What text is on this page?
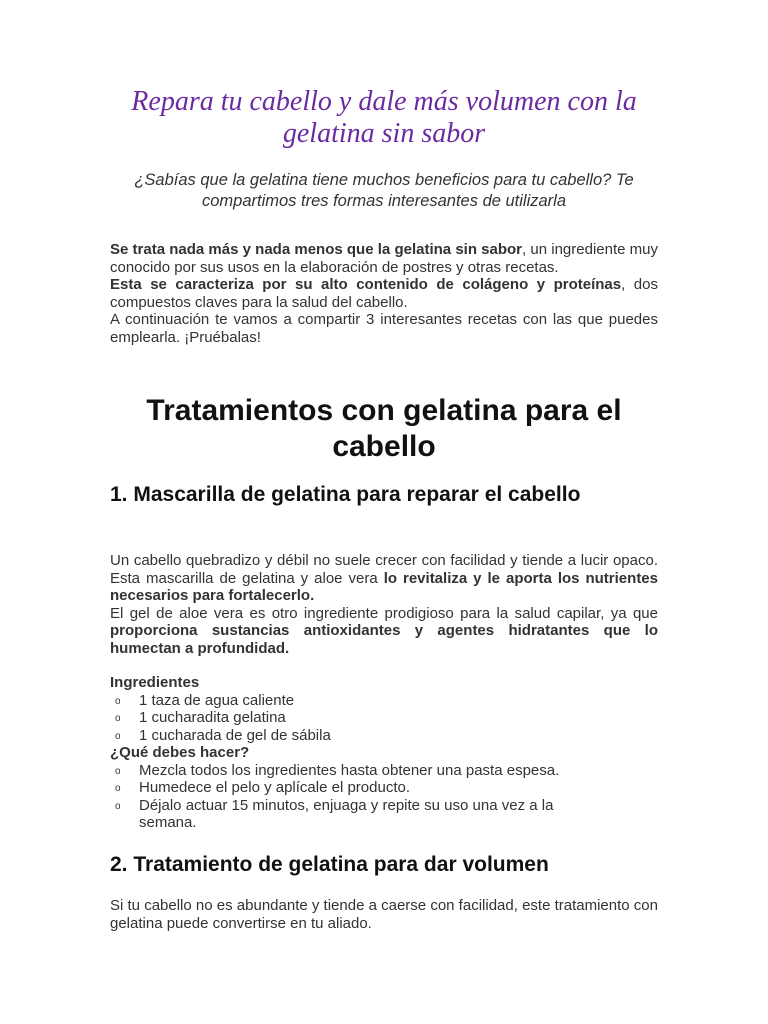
Repara tu cabello y dale más volumen con la gelatina sin sabor

¿Sabías que la gelatina tiene muchos beneficios para tu cabello? Te compartimos tres formas interesantes de utilizarla

Se trata nada más y nada menos que la gelatina sin sabor, un ingrediente muy conocido por sus usos en la elaboración de postres y otras recetas.

Esta se caracteriza por su alto contenido de colágeno y proteínas, dos compuestos claves para la salud del cabello.

A continuación te vamos a compartir 3 interesantes recetas con las que puedes emplearla. ¡Pruébalas!

Tratamientos con gelatina para el cabello
1. Mascarilla de gelatina para reparar el cabello

Un cabello quebradizo y débil no suele crecer con facilidad y tiende a lucir opaco. Esta mascarilla de gelatina y aloe vera lo revitaliza y le aporta los nutrientes necesarios para fortalecerlo.

El gel de aloe vera es otro ingrediente prodigioso para la salud capilar, ya que proporciona sustancias antioxidantes y agentes hidratantes que lo humectan a profundidad.

Ingredientes

o 1 taza de agua caliente
o 1 cucharadita gelatina
o 1 cucharada de gel de sábila

¿Qué debes hacer?

o Mezcla todos los ingredientes hasta obtener una pasta espesa.
o Humedece el pelo y aplícale el producto.
o Déjalo actuar 15 minutos, enjuaga y repite su uso una vez a la semana.
2. Tratamiento de gelatina para dar volumen

Si tu cabello no es abundante y tiende a caerse con facilidad, este tratamiento con gelatina puede convertirse en tu aliado.
